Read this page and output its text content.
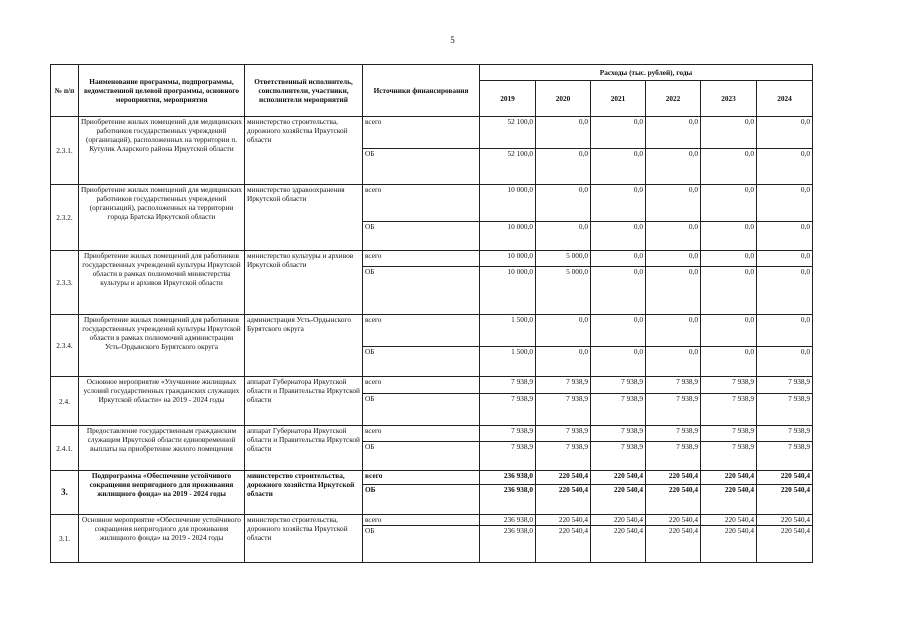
5
№ п/п	Наименование программы, подпрограммы, ведомственной целевой программы, основного мероприятия, мероприятия	Ответственный исполнитель, соисполнители, участники, исполнители мероприятий	Источники финансирования	Расходы (тыс. рублей), годы					
				2019	2020	2021	2022	2023	2024
2.3.1.	Приобретение жилых помещений для медицинских работников государственных учреждений (организаций), расположенных на территории п. Кутулик Аларского района Иркутской области	министерство строительства, дорожного хозяйства Иркутской области	всего	52 100,0	0,0	0,0	0,0	0,0	0,0
			ОБ	52 100,0	0,0	0,0	0,0	0,0	0,0
2.3.2.	Приобретение жилых помещений для медицинских работников государственных учреждений (организаций), расположенных на территории города Братска Иркутской области	министерство здравоохранения Иркутской области	всего	10 000,0	0,0	0,0	0,0	0,0	0,0
			ОБ	10 000,0	0,0	0,0	0,0	0,0	0,0
2.3.3.	Приобретение жилых помещений для работников государственных учреждений культуры Иркутской области в рамках полномочий министерства культуры и архивов Иркутской области	министерство культуры и архивов Иркутской области	всего	10 000,0	5 000,0	0,0	0,0	0,0	0,0
			ОБ	10 000,0	5 000,0	0,0	0,0	0,0	0,0
2.3.4.	Приобретение жилых помещений для работников государственных учреждений культуры Иркутской области в рамках полномочий администрации Усть-Ордынского Бурятского округа	администрация Усть-Ордынского Бурятского округа	всего	1 500,0	0,0	0,0	0,0	0,0	0,0
			ОБ	1 500,0	0,0	0,0	0,0	0,0	0,0
2.4.	Основное мероприятие «Улучшение жилищных условий государственных гражданских служащих Иркутской области» на 2019 - 2024 годы	аппарат Губернатора Иркутской области и Правительства Иркутской области	всего	7 938,9	7 938,9	7 938,9	7 938,9	7 938,9	7 938,9
			ОБ	7 938,9	7 938,9	7 938,9	7 938,9	7 938,9	7 938,9
2.4.1.	Предоставление государственным гражданским служащим Иркутской области единовременной выплаты на приобретение жилого помещения	аппарат Губернатора Иркутской области и Правительства Иркутской области	всего	7 938,9	7 938,9	7 938,9	7 938,9	7 938,9	7 938,9
			ОБ	7 938,9	7 938,9	7 938,9	7 938,9	7 938,9	7 938,9
3.	Подпрограмма «Обеспечение устойчивого сокращения непригодного для проживания жилищного фонда» на 2019 - 2024 годы	министерство строительства, дорожного хозяйства Иркутской области	всего	236 938,0	220 540,4	220 540,4	220 540,4	220 540,4	220 540,4
			ОБ	236 938,0	220 540,4	220 540,4	220 540,4	220 540,4	220 540,4
3.1.	Основное мероприятие «Обеспечение устойчивого сокращения непригодного для проживания жилищного фонда» на 2019 - 2024 годы	министерство строительства, дорожного хозяйства Иркутской области	всего	236 938,0	220 540,4	220 540,4	220 540,4	220 540,4	220 540,4
			ОБ	236 938,0	220 540,4	220 540,4	220 540,4	220 540,4	220 540,4
